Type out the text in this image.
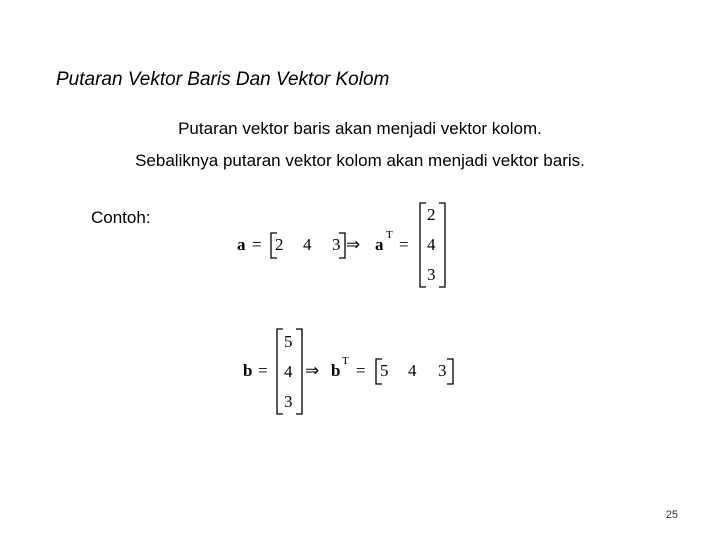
Putaran Vektor Baris Dan Vektor Kolom
Putaran vektor baris akan menjadi vektor kolom.
Sebaliknya putaran vektor kolom akan menjadi vektor baris.
Contoh:
a = 2 4 3 ⇒ a T =
2
4
3
b =
5
4
3
⇒ b T = 5 4 3
25
